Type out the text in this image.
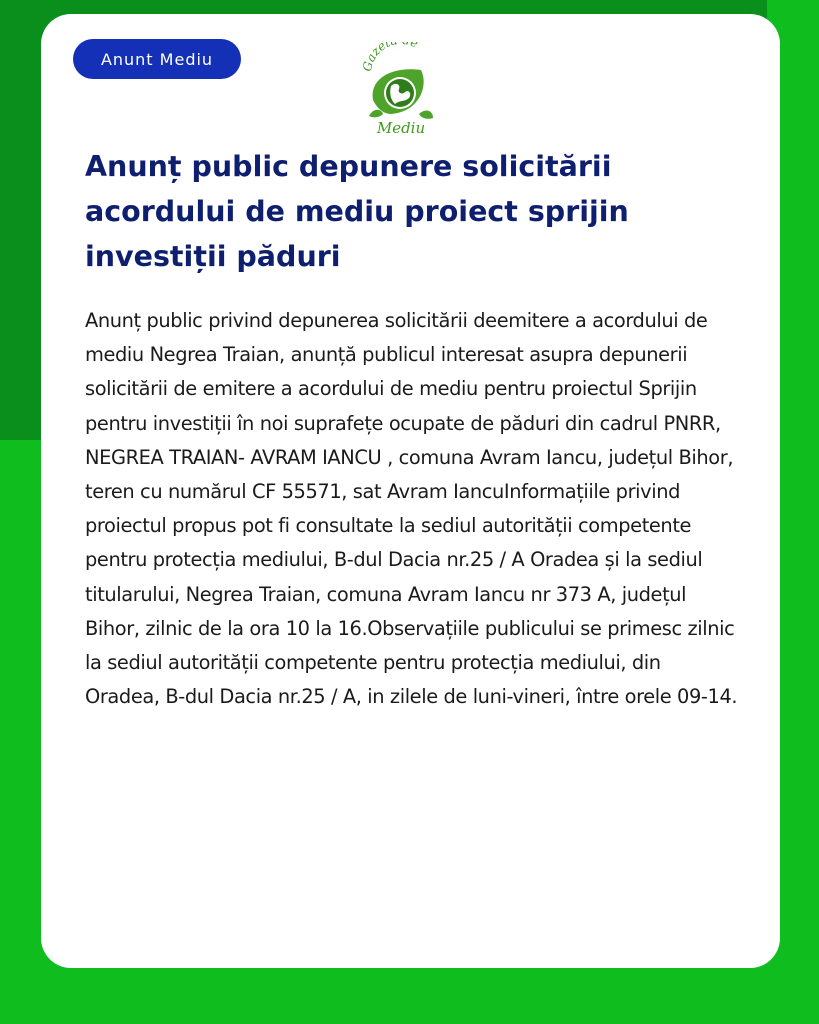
Anunt Mediu	Gazet e
Mediu
Anunț public depunere solicitării acordului de mediu proiect sprijin investiții păduri

Anunț public privind depunerea solicitării deemitere a acordului de mediu Negrea Traian, anunță publicul interesat asupra depunerii solicitării de emitere a acordului de mediu pentru proiectul Sprijin pentru investiții în noi suprafețe ocupate de păduri din cadrul PNRR, NEGREA TRAIAN- AVRAM IANCU , comuna Avram Iancu, județul Bihor, teren cu numărul CF 55571, sat Avram IancuInformațiile privind proiectul propus pot fi consultate la sediul autorității competente pentru protecția mediului, B-dul Dacia nr.25 / A Oradea și la sediul titularului, Negrea Traian, comuna Avram Iancu nr 373 A, județul Bihor, zilnic de la ora 10 la 16.Observațiile publicului se primesc zilnic la sediul autorității competente pentru protecția mediului, din Oradea, B-dul Dacia nr.25 / A, in zilele de luni-vineri, între orele 09-14.
